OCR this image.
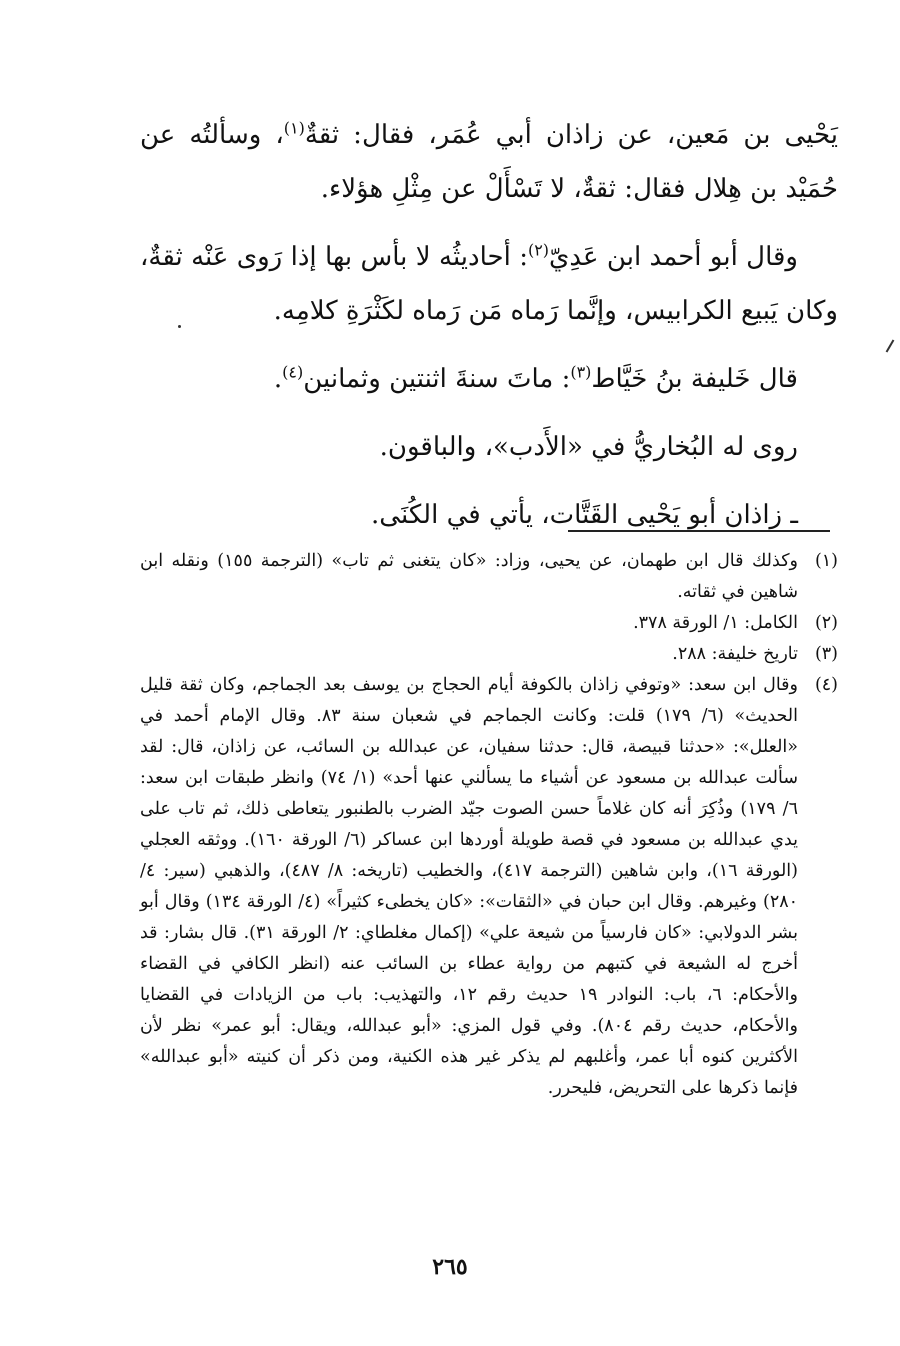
يَحْيى بن مَعين، عن زاذان أبي عُمَر، فقال: ثقةٌ$^{(١)}$، وسألتُه عن حُمَيْد بن هِلال فقال: ثقةٌ، لا تَسْأَلْ عن مِثْلِ هؤلاء.

وقال أبو أحمد ابن عَدِيّ$^{(٢)}$: أحاديثُه لا بأس بها إذا رَوى عَنْه ثقةٌ، وكان يَبيع الكرابيس، وإنَّما رَماه مَن رَماه لكَثْرَةِ كلامِه.

قال خَليفة بنُ خَيَّاط$^{(٣)}$: ماتَ سنةَ اثنتين وثمانين$^{(٤)}$.

روى له البُخاريُّ في «الأَدب»، والباقون.

ـ زاذان أبو يَحْيى القَتَّات، يأتي في الكُنَى.

(١)
وكذلك قال ابن طهمان، عن يحيى، وزاد: «كان يتغنى ثم تاب» (الترجمة ١٥٥) ونقله ابن شاهين في ثقاته.
(٢)
الكامل: ١/ الورقة ٣٧٨.
(٣)
تاريخ خليفة: ٢٨٨.
(٤)
وقال ابن سعد: «وتوفي زاذان بالكوفة أيام الحجاج بن يوسف بعد الجماجم، وكان ثقة قليل الحديث» (٦/ ١٧٩) قلت: وكانت الجماجم في شعبان سنة ٨٣. وقال الإمام أحمد في «العلل»: «حدثنا قبيصة، قال: حدثنا سفيان، عن عبدالله بن السائب، عن زاذان، قال: لقد سألت عبدالله بن مسعود عن أشياء ما يسألني عنها أحد» (١/ ٧٤) وانظر طبقات ابن سعد: ٦/ ١٧٩) وذُكِرَ أنه كان غلاماً حسن الصوت جيّد الضرب بالطنبور يتعاطى ذلك، ثم تاب على يدي عبدالله بن مسعود في قصة طويلة أوردها ابن عساكر (٦/ الورقة ١٦٠). ووثقه العجلي (الورقة ١٦)، وابن شاهين (الترجمة ٤١٧)، والخطيب (تاريخه: ٨/ ٤٨٧)، والذهبي (سير: ٤/ ٢٨٠) وغيرهم. وقال ابن حبان في «الثقات»: «كان يخطىء كثيراً» (٤/ الورقة ١٣٤) وقال أبو بشر الدولابي: «كان فارسياً من شيعة علي» (إكمال مغلطاي: ٢/ الورقة ٣١). قال بشار: قد أخرج له الشيعة في كتبهم من رواية عطاء بن السائب عنه (انظر الكافي في القضاء والأحكام: ٦، باب: النوادر ١٩ حديث رقم ١٢، والتهذيب: باب من الزيادات في القضايا والأحكام، حديث رقم ٨٠٤). وفي قول المزي: «أبو عبدالله، ويقال: أبو عمر» نظر لأن الأكثرين كنوه أبا عمر، وأغلبهم لم يذكر غير هذه الكنية، ومن ذكر أن كنيته «أبو عبدالله» فإنما ذكرها على التحريض، فليحرر.
٢٦٥
